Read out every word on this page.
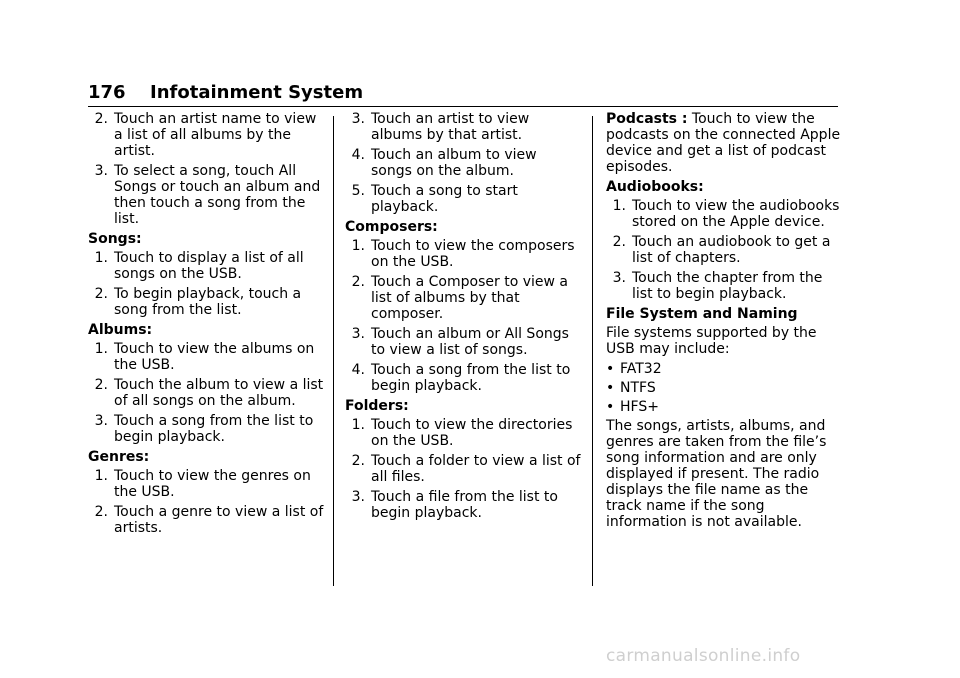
176 Infotainment System
2. Touch an artist name to view a list of all albums by the artist.
3. To select a song, touch All Songs or touch an album and then touch a song from the list.
Songs:
1. Touch to display a list of all songs on the USB.
2. To begin playback, touch a song from the list.
Albums:
1. Touch to view the albums on the USB.
2. Touch the album to view a list of all songs on the album.
3. Touch a song from the list to begin playback.
Genres:
1. Touch to view the genres on the USB.
2. Touch a genre to view a list of artists.
3. Touch an artist to view albums by that artist.
4. Touch an album to view songs on the album.
5. Touch a song to start playback.
Composers:
1. Touch to view the composers on the USB.
2. Touch a Composer to view a list of albums by that composer.
3. Touch an album or All Songs to view a list of songs.
4. Touch a song from the list to begin playback.
Folders:
1. Touch to view the directories on the USB.
2. Touch a folder to view a list of all files.
3. Touch a file from the list to begin playback.
Podcasts : Touch to view the podcasts on the connected Apple device and get a list of podcast episodes.
Audiobooks:
1. Touch to view the audiobooks stored on the Apple device.
2. Touch an audiobook to get a list of chapters.
3. Touch the chapter from the list to begin playback.
File System and Naming
File systems supported by the USB may include:
• FAT32
• NTFS
• HFS+
The songs, artists, albums, and genres are taken from the file’s song information and are only displayed if present. The radio displays the file name as the track name if the song information is not available.
carmanualsonline.info
